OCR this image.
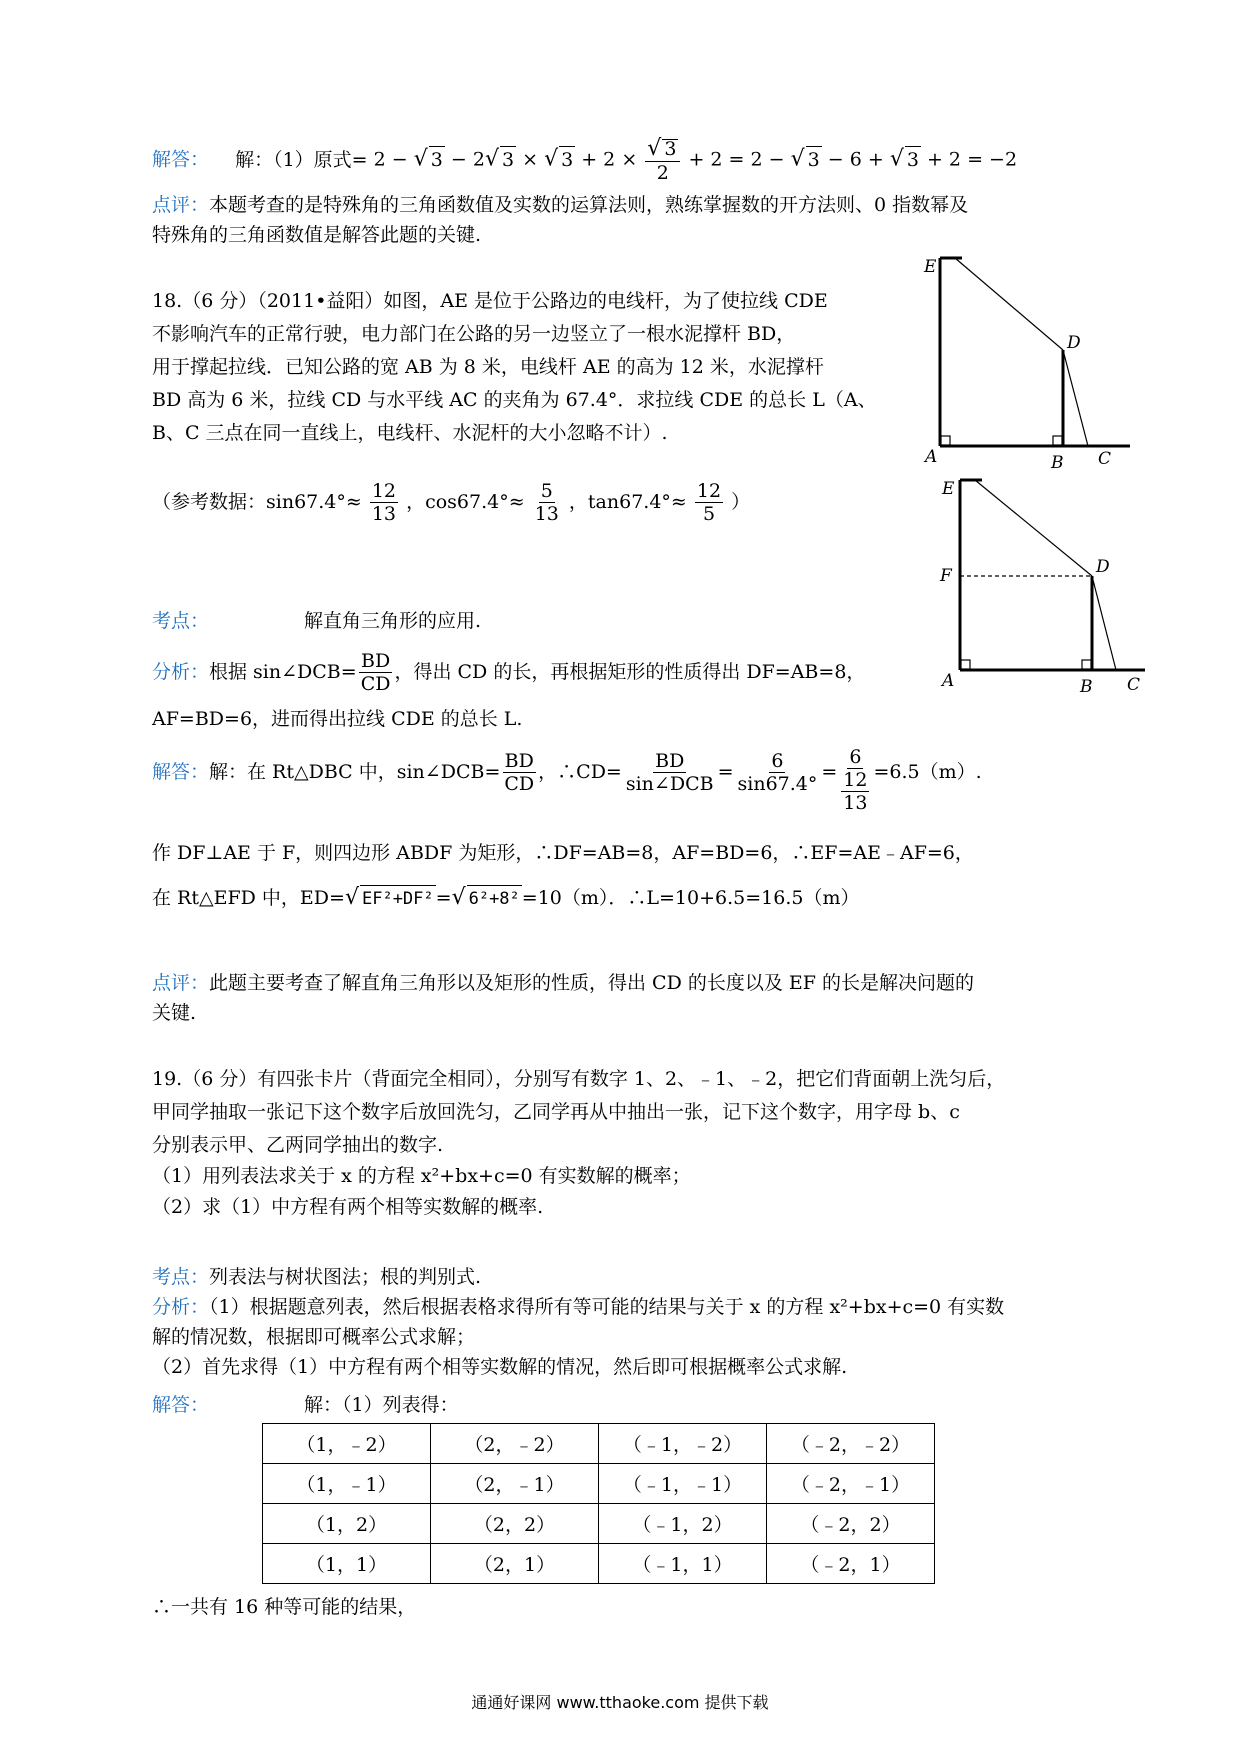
解答： 解：（1）原式= 2 − √ 3 − 2√ 3 × √ $3 + 2 \times \frac{√ 3}{2} + 2 = 2$ − √ 3 − 6 + √ 3 + 2 = −2
点评：本题考查的是特殊角的三角函数值及实数的运算法则，熟练掌握数的开方法则、0 指数幂及
特殊角的三角函数值是解答此题的关键.
18.（6 分）（2011•益阳）如图，AE 是位于公路边的电线杆，为了使拉线 CDE
不影响汽车的正常行驶，电力部门在公路的另一边竖立了一根水泥撑杆 BD，
用于撑起拉线．已知公路的宽 AB 为 8 米，电线杆 AE 的高为 12 米，水泥撑杆
BD 高为 6 米，拉线 CD 与水平线 AC 的夹角为 67.4°．求拉线 CDE 的总长 L（A、
B、C 三点在同一直线上，电线杆、水泥杆的大小忽略不计）.
（参考数据：$\sin 67.4^\circ\approx \frac{12}{13}$ ，$\cos 67.4^\circ\approx \frac{5}{13}$ ，$\tan 67.4^\circ\approx \frac{12}{5}$ ）
E
D
A	B C
E
F	D
A	B C
考点：	解直角三角形的应用.
分析：根据 sin∠DCB= $\frac{BD}{CD}$ ，得出 CD 的长，再根据矩形的性质得出 DF=AB=8，
AF=BD=6，进而得出拉线 CDE 的总长 L.
解答：解：在 Rt△DBC 中，sin∠DCB= $\frac{BD}{CD}$ ，∴CD= $\frac{BD}{\text{sin∠DCB}} = \frac{6}{\sin 67.4^\circ} = \frac{6}{\frac{12}{13}} =6.5(m)$.
作 DF⊥AE 于 F，则四边形 ABDF 为矩形，∴DF=AB=8，AF=BD=6，∴EF=AE﹣AF=6，
在 Rt△EFD 中，ED=√ EF²+DF² =√ 6²+8² =10（m）．∴L=10+6.5=16.5（m）
点评：此题主要考查了解直角三角形以及矩形的性质，得出 CD 的长度以及 EF 的长是解决问题的
关键.
19.（6 分）有四张卡片（背面完全相同），分别写有数字 1、2、﹣1、﹣2，把它们背面朝上洗匀后，
甲同学抽取一张记下这个数字后放回洗匀，乙同学再从中抽出一张，记下这个数字，用字母 b、c
分别表示甲、乙两同学抽出的数字.
（1）用列表法求关于 x 的方程 x²+bx+c=0 有实数解的概率；
（2）求（1）中方程有两个相等实数解的概率.
考点：列表法与树状图法；根的判别式.
分析：（1）根据题意列表，然后根据表格求得所有等可能的结果与关于 x 的方程 x²+bx+c=0 有实数
解的情况数，根据即可概率公式求解；
（2）首先求得（1）中方程有两个相等实数解的情况，然后即可根据概率公式求解.
解答：	解：（1）列表得：
（1，﹣2）	（2，﹣2）	（﹣1，﹣2）	（﹣2，﹣2）
（1，﹣1）	（2，﹣1）	（﹣1，﹣1）	（﹣2，﹣1）
（1，2）	（2，2）	（﹣1，2）	（﹣2，2）
（1，1）	（2，1）	（﹣1，1）	（﹣2，1）
∴一共有 16 种等可能的结果，
通通好课网 www.tthaoke.com 提供下载
